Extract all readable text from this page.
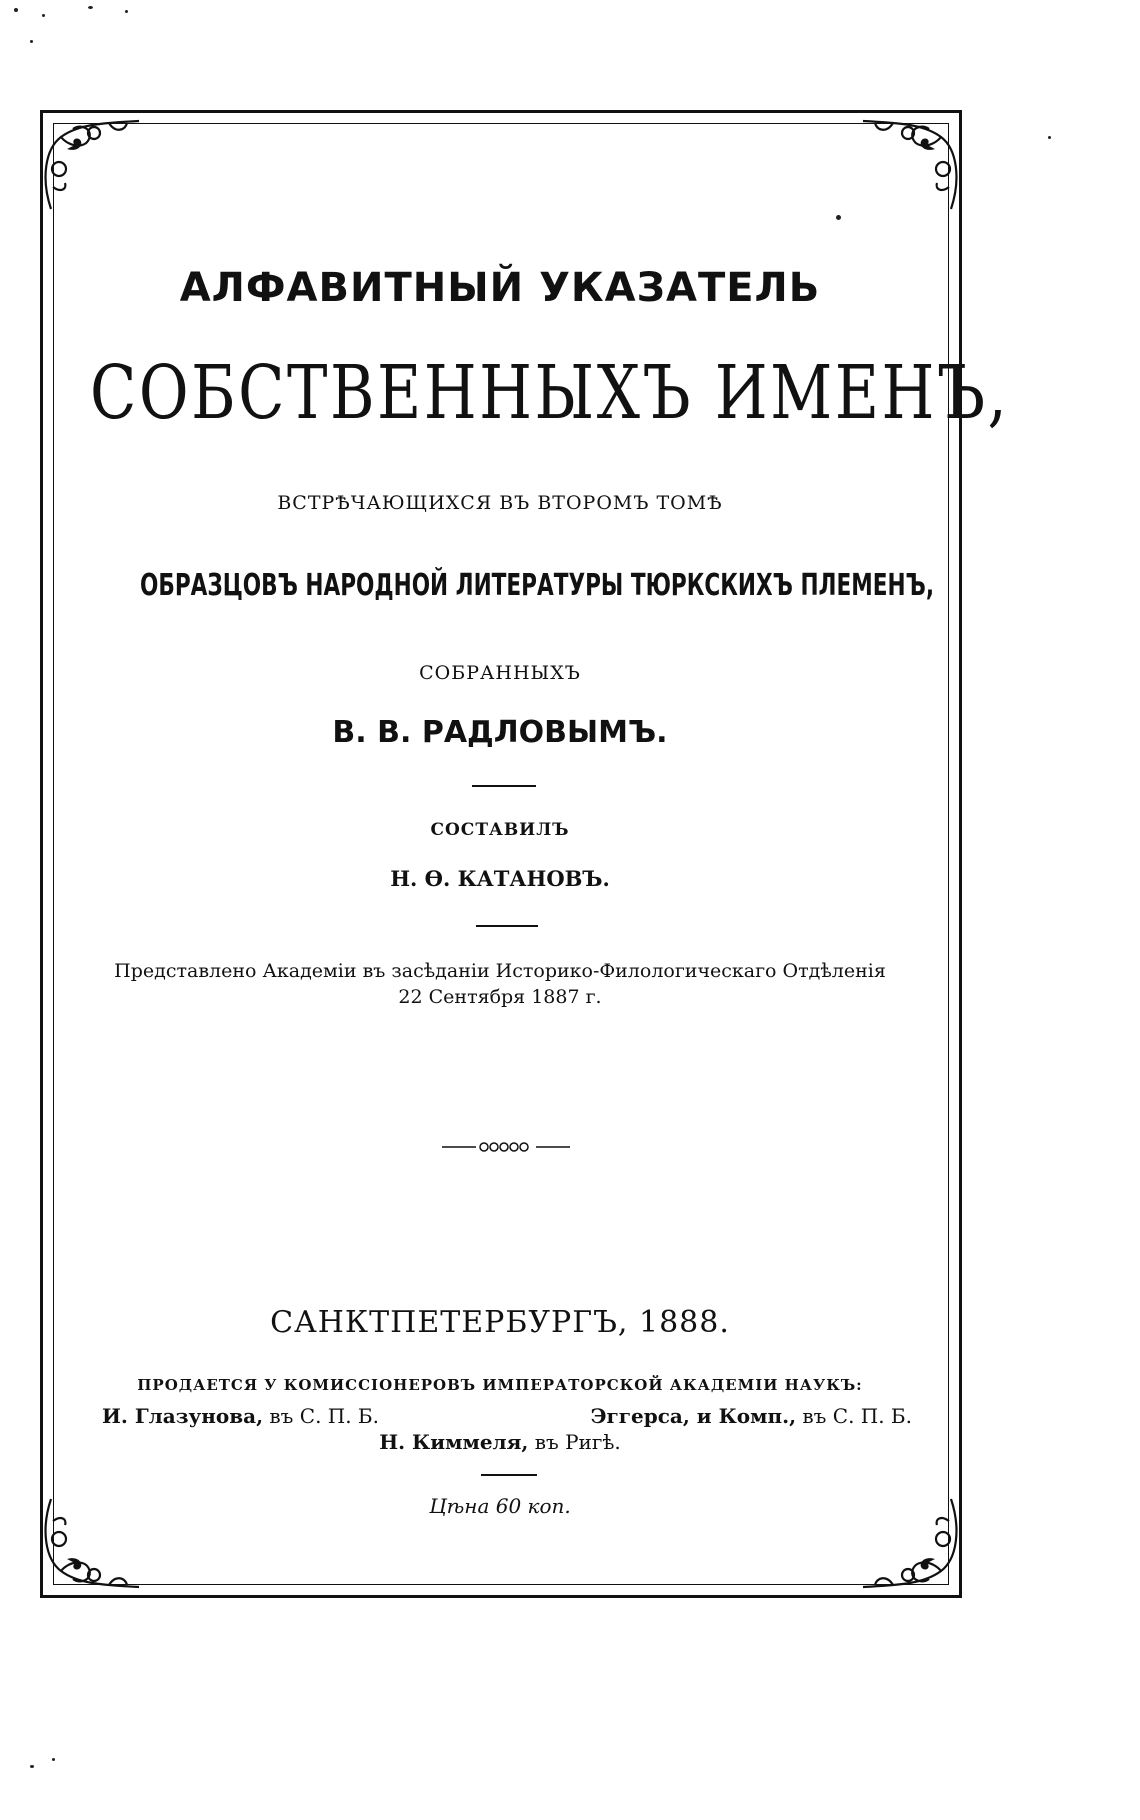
АЛФАВИТНЫЙ УКАЗАТЕЛЬ
СОБСТВЕННЫХЪ ИМЕНЪ,
ВСТРѢЧАЮЩИХСЯ ВЪ ВТОРОМЪ ТОМѢ
ОБРАЗЦОВЪ НАРОДНОЙ ЛИТЕРАТУРЫ ТЮРКСКИХЪ ПЛЕМЕНЪ,
СОБРАННЫХЪ
В. В. РАДЛОВЫМЪ.
СОСТАВИЛЪ
Н. Ѳ. КАТАНОВЪ.
Представлено Академіи въ засѣданіи Историко-Филологическаго Отдѣленія
22 Сентября 1887 г.
САНКТПЕТЕРБУРГЪ, 1888.
ПРОДАЕТСЯ У КОМИССІОНЕРОВЪ ИМПЕРАТОРСКОЙ АКАДЕМІИ НАУКЪ:
И. Глазунова, въ С. П. Б.	Эггерса, и Комп., въ С. П. Б.
Н. Киммеля, въ Ригѣ.
Цѣна 60 коп.
